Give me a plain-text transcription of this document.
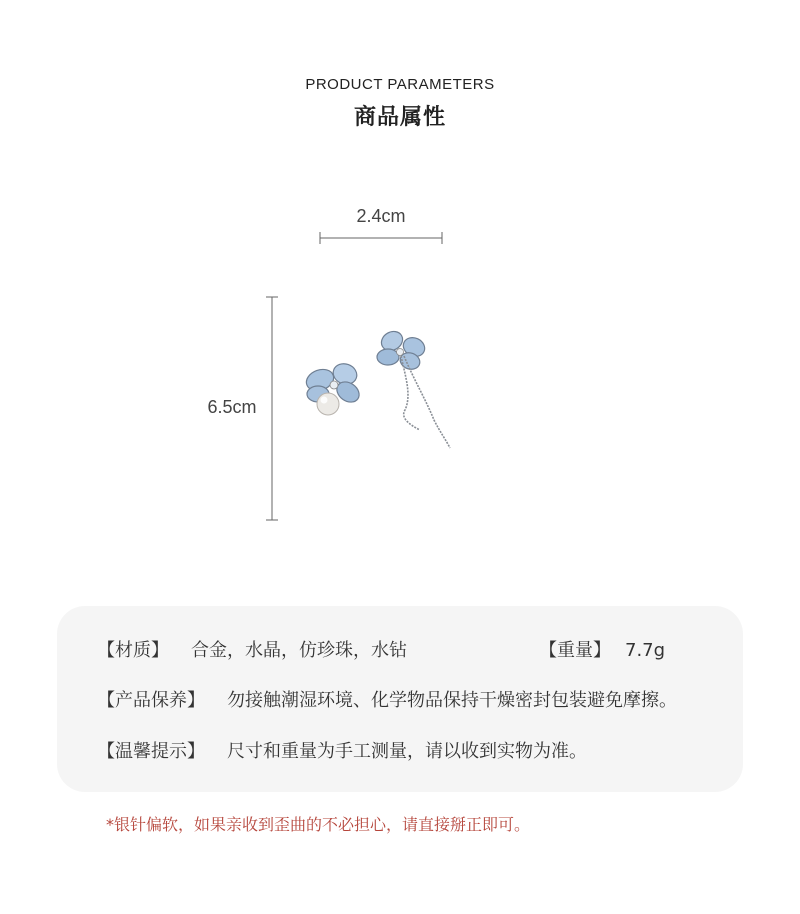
PRODUCT PARAMETERS
商品属性
2.4cm
6.5cm
【材质】 合金，水晶，仿珍珠，水钻	【重量】 7.7g
【产品保养】 勿接触潮湿环境、化学物品保持干燥密封包装避免摩擦。
【温馨提示】 尺寸和重量为手工测量，请以收到实物为准。
*银针偏软，如果亲收到歪曲的不必担心，请直接掰正即可。
